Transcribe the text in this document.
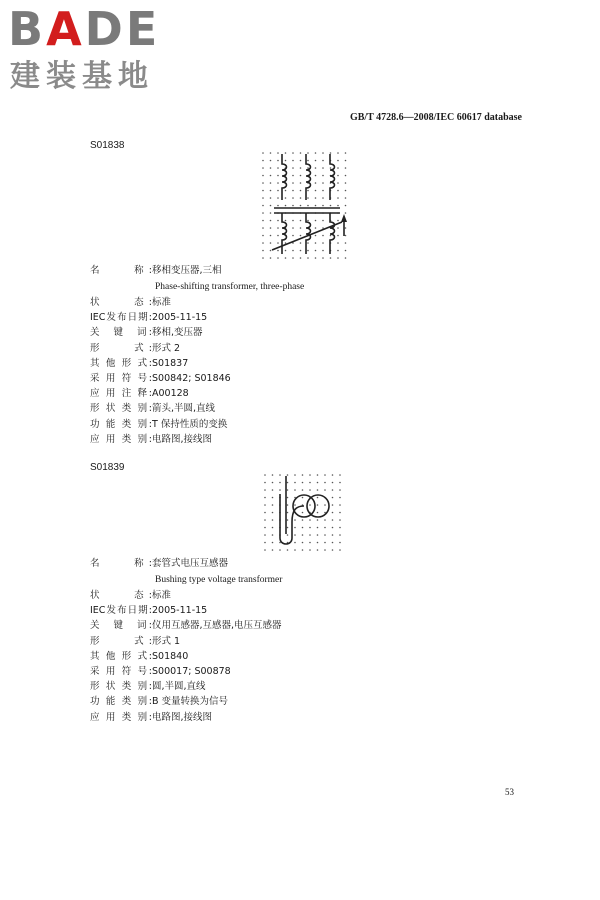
BADE
建装基地
GB/T 4728.6—2008/IEC 60617 database
S01838
名　　称:移相变压器,三相
Phase-shifting transformer, three-phase
状　　态:标准
IEC发布日期:2005-11-15
关　键　词:移相,变压器
形　　式:形式 2
其 他 形 式:S01837
采 用 符 号:S00842; S01846
应 用 注 释:A00128
形 状 类 别:箭头,半圆,直线
功 能 类 别:T 保持性质的变换
应 用 类 别:电路图,接线图
S01839
名　　称:套管式电压互感器
Bushing type voltage transformer
状　　态:标准
IEC发布日期:2005-11-15
关　键　词:仪用互感器,互感器,电压互感器
形　　式:形式 1
其 他 形 式:S01840
采 用 符 号:S00017; S00878
形 状 类 别:圆,半圆,直线
功 能 类 别:B 变量转换为信号
应 用 类 别:电路图,接线图
53
